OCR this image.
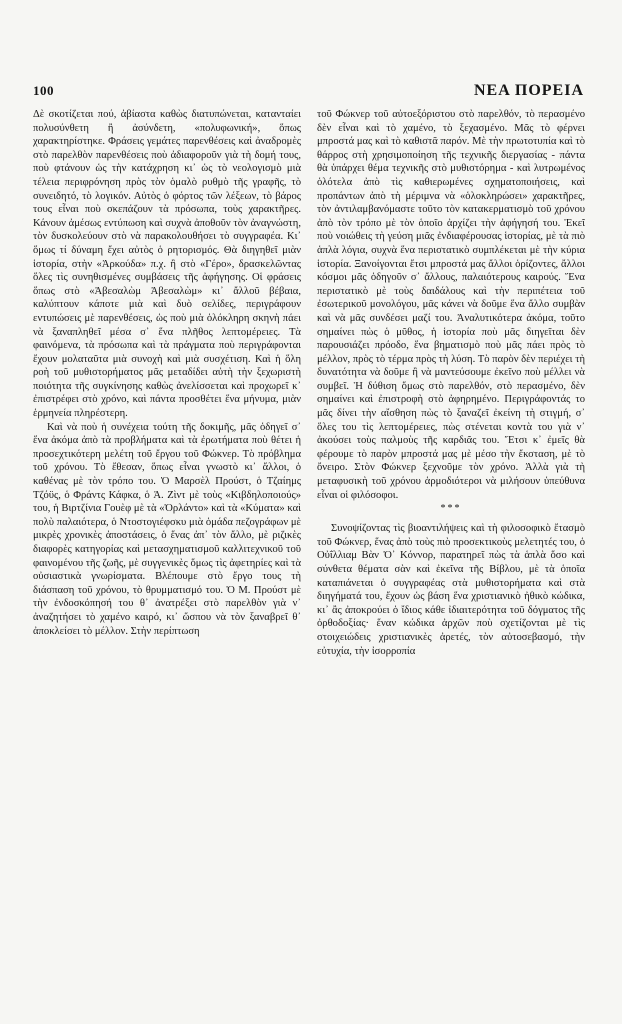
100	ΝΕΑ ΠΟΡΕΙΑ

Δὲ σκοτίζεται πού, ἀβίαστα καθὼς διατυπώνεται, κατανταίει πολυσύνθετη ἢ ἀσύνδετη, «πολυφωνική», ὅπως χαρακτηρίστηκε. Φράσεις γεμάτες παρενθέσεις καὶ ἀναδρομὲς στὸ παρελθὸν παρενθέσεις ποὺ ἀδιαφοροῦν γιὰ τὴ δομή τους, ποὺ φτάνουν ὡς τὴν κατάχρηση κι᾽ ὡς τὸ νεολογισμὸ μιὰ τέλεια περιφρόνηση πρὸς τὸν ὁμαλὸ ρυθμὸ τῆς γραφῆς, τὸ συνειδητό, τὸ λογικόν. Αὐτὸς ὁ φόρτος τῶν λέξεων, τὸ βάρος τους εἶναι ποὺ σκεπάζουν τὰ πρόσωπα, τοὺς χαρακτῆρες. Κάνουν ἀμέσως εντύπωση καὶ συχνὰ ἀποθοῦν τὸν ἀναγνώστη, τὸν δυσκολεύουν στὸ νὰ παρακολουθήσει τὸ συγγραφέα. Κι᾽ ὅμως τί δύναμη ἔχει αὐτὸς ὁ ρητορισμός. Θὰ διηγηθεῖ μιὰν ἱστορία, στὴν «Ἀρκούδα» π.χ. ἢ στὸ «Γέρο», δρασκελῶντας ὅλες τὶς συνηθισμένες συμβάσεις τῆς ἀφήγησης. Οἱ φράσεις ὅπως στὸ «Ἀβεσαλὼμ Ἀβεσαλὼμ» κι᾽ ἄλλοῦ βέβαια, καλύπτουν κάποτε μιὰ καὶ δυὸ σελίδες, περιγράφουν εντυπώσεις μὲ παρενθέσεις, ὡς ποὺ μιὰ ὁλόκληρη σκηνὴ πάει νὰ ξαναπληθεῖ μέσα σ᾽ ἕνα πλῆθος λεπτομέρειες. Τὰ φαινόμενα, τὰ πρόσωπα καὶ τὰ πράγματα ποὺ περιγράφονται ἔχουν μολαταῦτα μιὰ συνοχὴ καὶ μιὰ συσχέτιση. Καὶ ἡ ὅλη ροὴ τοῦ μυθιστορήματος μᾶς μεταδίδει αὐτὴ τὴν ξεχωριστὴ ποιότητα τῆς συγκίνησης καθὼς ἀνελίσσεται καὶ προχωρεῖ κ᾽ ἐπιστρέφει στὸ χρόνο, καὶ πάντα προσθέτει ἕνα μήνυμα, μιὰν ἑρμηνεία πληρέστερη.

Καὶ νὰ ποὺ ἡ συνέχεια τούτη τῆς δοκιμῆς, μᾶς ὁδηγεῖ σ᾽ ἕνα ἀκόμα ἀπὸ τὰ προβλήματα καὶ τὰ ἐρωτήματα ποὺ θέτει ἡ προσεχτικότερη μελέτη τοῦ ἔργου τοῦ Φώκνερ. Τὸ πρόβλημα τοῦ χρόνου. Τὸ ἔθεσαν, ὅπως εἶναι γνωστὸ κι᾽ ἄλλοι, ὁ καθένας μὲ τὸν τρόπο του. Ὁ Μαρσὲλ Προύστ, ὁ Τζαίημς Τζόϋς, ὁ Φράντς Κάφκα, ὁ Ἀ. Ζὶντ μὲ τοὺς «Κιβδηλοποιούς» του, ἡ Βιρτζίνια Γουὲφ μὲ τὰ «Ὀρλάντο» καὶ τὰ «Κύματα» καὶ πολὺ παλαιότερα, ὁ Ντοστογιέφσκυ μιὰ ὁμάδα πεζογράφων μὲ μικρὲς χρονικὲς ἀποστάσεις, ὁ ἕνας ἀπ᾽ τὸν ἄλλο, μὲ ριζικὲς διαφορὲς κατηγορίας καὶ μετασχηματισμοῦ καλλιτεχνικοῦ τοῦ φαινομένου τῆς ζωῆς, μὲ συγγενικὲς ὅμως τὶς ἀφετηρίες καὶ τὰ οὐσιαστικὰ γνωρίσματα. Βλέπουμε στὸ ἔργο τους τὴ διάσπαση τοῦ χρόνου, τὸ θρυμματισμό του. Ὁ Μ. Προύστ μὲ τὴν ἐνδοσκόπησή του θ᾽ ἀνατρέξει στὸ παρελθὸν γιὰ ν᾽ ἀναζητήσει τὸ χαμένο καιρό, κι᾽ ὥσπου νὰ τὸν ξαναβρεῖ θ᾽ ἀποκλείσει τὸ μέλλον. Στὴν περίπτωση

τοῦ Φώκνερ τοῦ αὐτοεξόριστου στὸ παρελθόν, τὸ περασμένο δὲν εἶναι καὶ τὸ χαμένο, τὸ ξεχασμένο. Μᾶς τὸ φέρνει μπροστά μας καὶ τὸ καθιστᾶ παρόν. Μὲ τὴν πρωτοτυπία καὶ τὸ θάρρος στὴ χρησιμοποίηση τῆς τεχνικῆς διεργασίας - πάντα θὰ ὑπάρχει θέμα τεχνικῆς στὸ μυθιστόρημα - καὶ λυτρωμένος ὁλότελα ἀπὸ τὶς καθιερωμένες σχηματοποιήσεις, καὶ προπάντων ἀπὸ τὴ μέριμνα νὰ «ὁλοκληρώσει» χαρακτῆρες, τὸν ἀντιλαμβανόμαστε τοῦτο τὸν κατακερματισμὸ τοῦ χρόνου ἀπὸ τὸν τρόπο μὲ τὸν ὁποῖο ἀρχίζει τὴν ἀφήγησή του. Ἐκεῖ ποὺ νοιώθεις τὴ γεύση μιᾶς ἐνδιαφέρουσας ἱστορίας, μὲ τὰ πιὸ ἁπλὰ λόγια, συχνὰ ἕνα περιστατικὸ συμπλέκεται μὲ τὴν κύρια ἱστορία. Ξανοίγονται ἔτσι μπροστά μας ἄλλοι ὁρίζοντες, ἄλλοι κόσμοι μᾶς ὁδηγοῦν σ᾽ ἄλλους, παλαιότερους καιρούς. Ἕνα περιστατικὸ μὲ τοὺς δαιδάλους καὶ τὴν περιπέτεια τοῦ ἐσωτερικοῦ μονολόγου, μᾶς κάνει νὰ δοῦμε ἕνα ἄλλο συμβὰν καὶ νὰ μᾶς συνδέσει μαζί του. Ἀναλυτικότερα ἀκόμα, τοῦτο σημαίνει πὼς ὁ μῦθος, ἡ ἱστορία ποὺ μᾶς διηγεῖται δὲν παρουσιάζει πρόοδο, ἕνα βηματισμὸ ποὺ μᾶς πάει πρὸς τὸ μέλλον, πρὸς τὸ τέρμα πρὸς τὴ λύση. Τὸ παρὸν δὲν περιέχει τὴ δυνατότητα νὰ δοῦμε ἢ νὰ μαντεύσουμε ἐκεῖνο ποὺ μέλλει νὰ συμβεῖ. Ἡ δύθιση ὅμως στὸ παρελθόν, στὸ περασμένο, δὲν σημαίνει καὶ ἐπιστροφὴ στὸ ἀφηρημένο. Περιγράφοντάς το μᾶς δίνει τὴν αἴσθηση πὼς τὸ ξαναζεῖ ἐκείνη τὴ στιγμή, σ᾽ ὅλες του τὶς λεπτομέρειες, πὼς στένεται κοντὰ του γιὰ ν᾽ ἀκούσει τοὺς παλμοὺς τῆς καρδιᾶς του. Ἔτσι κ᾽ ἐμεῖς θὰ φέρουμε τὸ παρὸν μπροστά μας μὲ μέσο τὴν ἔκσταση, μὲ τὸ ὄνειρο. Στὸν Φώκνερ ξεχνοῦμε τὸν χρόνο. Ἀλλὰ γιὰ τὴ μεταφυσικὴ τοῦ χρόνου ἁρμοδιότεροι νὰ μιλήσουν ὑπεύθυνα εἶναι οἱ φιλόσοφοι.

***

Συνοψίζοντας τὶς βιοαντιλήψεις καὶ τὴ φιλοσοφικὸ ἔτασμὸ τοῦ Φώκνερ, ἕνας ἀπὸ τοὺς πιὸ προσεκτικοὺς μελετητές του, ὁ Οὐΐλλιαμ Βὰν Ὀ᾽ Κόννορ, παρατηρεῖ πὼς τὰ ἁπλὰ ὅσο καὶ σύνθετα θέματα σὰν καὶ ἐκεῖνα τῆς Βίβλου, μὲ τὰ ὁποῖα καταπιάνεται ὁ συγγραφέας στὰ μυθιστορήματα καὶ στὰ διηγήματά του, ἔχουν ὡς βάση ἕνα χριστιανικὸ ἠθικὸ κώδικα, κι᾽ ἂς ἀποκρούει ὁ ἴδιος κάθε ἰδιαιτερότητα τοῦ δόγματος τῆς ὀρθοδοξίας· ἕναν κώδικα ἀρχῶν ποὺ σχετίζονται μὲ τὶς στοιχειώδεις χριστιανικὲς ἀρετές, τὸν αὐτοσεβασμό, τὴν εὐτυχία, τὴν ἰσορροπία
